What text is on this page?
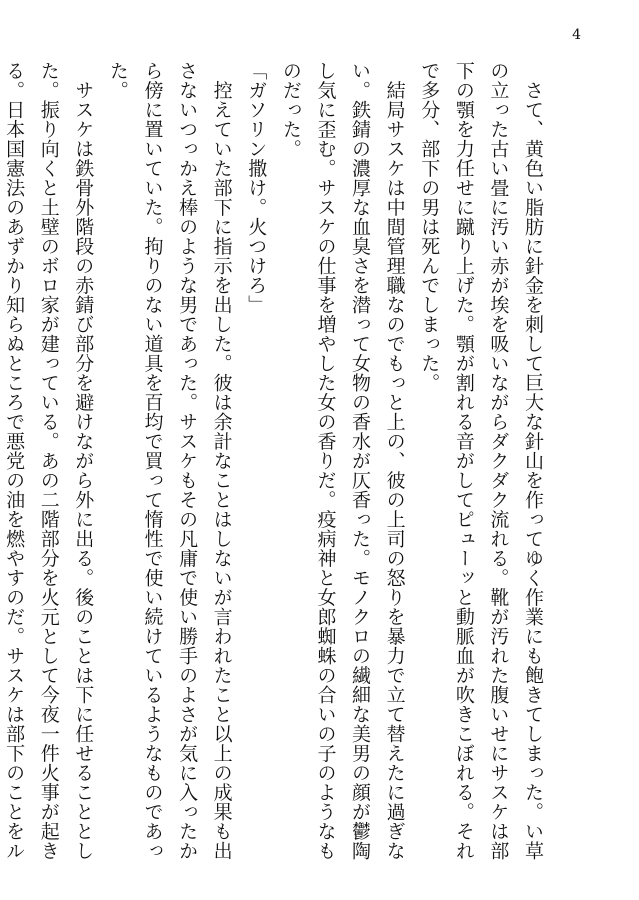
4
　さて、黄色い脂肪に針金を刺して巨大な針山を作ってゆく作業にも飽きてしまった。い草
の立った古い畳に汚い赤が埃を吸いながらダクダク流れる。靴が汚れた腹いせにサスケは部
下の顎を力任せに蹴り上げた。顎が割れる音がしてピューッと動脈血が吹きこぼれる。それ
で多分、部下の男は死んでしまった。
　結局サスケは中間管理職なのでもっと上の、彼の上司の怒りを暴力で立て替えたに過ぎな
い。鉄錆の濃厚な血臭さを潜って女物の香水が仄香った。モノクロの繊細な美男の顔が鬱陶
し気に歪む。サスケの仕事を増やした女の香りだ。疫病神と女郎蜘蛛の合いの子のようなも
のだった。
「ガソリン撒け。火つけろ」
　控えていた部下に指示を出した。彼は余計なことはしないが言われたこと以上の成果も出
さないつっかえ棒のような男であった。サスケもその凡庸で使い勝手のよさが気に入ったか
ら傍に置いていた。拘りのない道具を百均で買って惰性で使い続けているようなものであっ
た。
　サスケは鉄骨外階段の赤錆び部分を避けながら外に出る。後のことは下に任せることとし
た。振り向くと土壁のボロ家が建っている。あの二階部分を火元として今夜一件火事が起き
る。日本国憲法のあずかり知らぬところで悪党の油を燃やすのだ。サスケは部下のことをル
